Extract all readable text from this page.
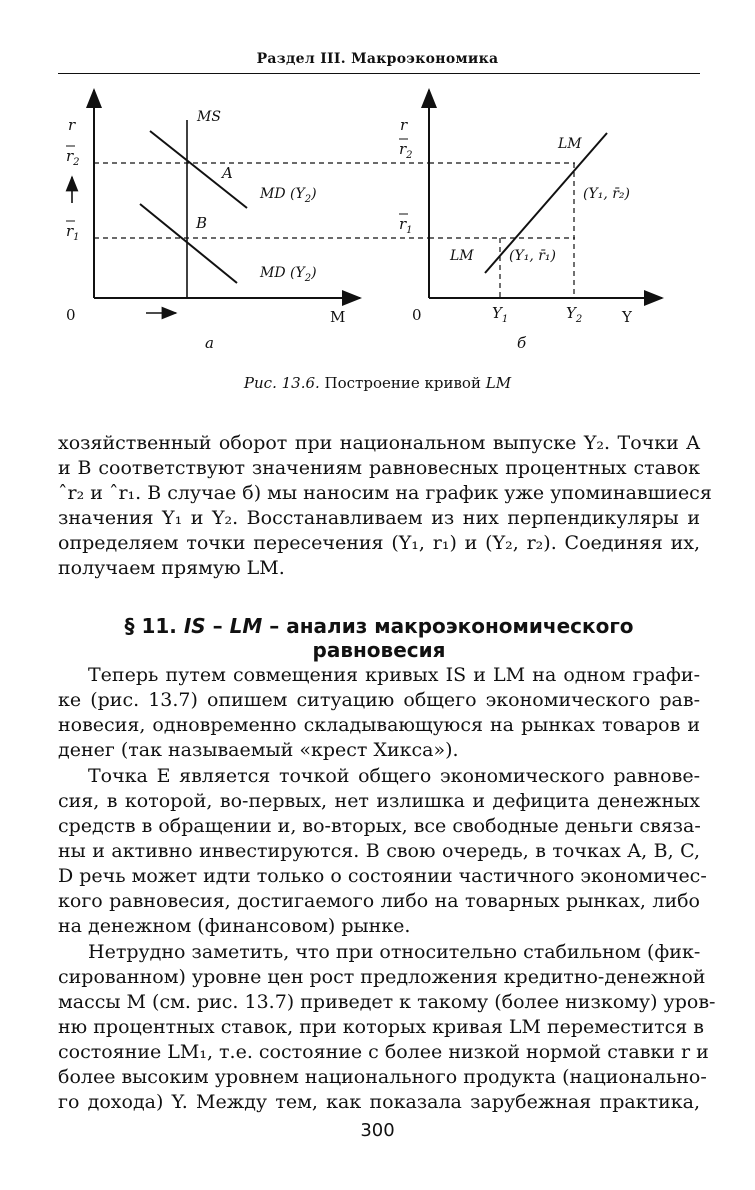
Раздел III. Макроэкономика
r
$r_2$
$r_1$
MS
A
B
MD $(Y_2)$
MD $(Y_2)$
0	M
а
r
$r_2$
$r_1$
LM
LM
(Y₁, r̄₂)
(Y₁, r̄₁)
0	$Y_1$	$Y_2$	Y
б
Рис. 13.6. Построение кривой LM

хозяйственный оборот при национальном выпуске Y₂. Точки A
и B соответствуют значениям равновесных процентных ставок
ˆr₂ и ˆr₁. В случае б) мы наносим на график уже упоминавшиеся
значения Y₁ и Y₂. Восстанавливаем из них перпендикуляры и
определяем точки пересечения (Y₁, r₁) и (Y₂, r₂). Соединяя их,
получаем прямую LM.

§ 11. IS – LM – анализ макроэкономического равновесия

Теперь путем совмещения кривых IS и LM на одном графи-
ке (рис. 13.7) опишем ситуацию общего экономического рав-
новесия, одновременно складывающуюся на рынках товаров и
денег (так называемый «крест Хикса»).

Точка E является точкой общего экономического равнове-
сия, в которой, во-первых, нет излишка и дефицита денежных
средств в обращении и, во-вторых, все свободные деньги связа-
ны и активно инвестируются. В свою очередь, в точках A, B, C,
D речь может идти только о состоянии частичного экономичес-
кого равновесия, достигаемого либо на товарных рынках, либо
на денежном (финансовом) рынке.

Нетрудно заметить, что при относительно стабильном (фик-
сированном) уровне цен рост предложения кредитно-денежной
массы M (см. рис. 13.7) приведет к такому (более низкому) уров-
ню процентных ставок, при которых кривая LM переместится в
состояние LM₁, т.е. состояние с более низкой нормой ставки r и
более высоким уровнем национального продукта (национально-
го дохода) Y. Между тем, как показала зарубежная практика,

300
